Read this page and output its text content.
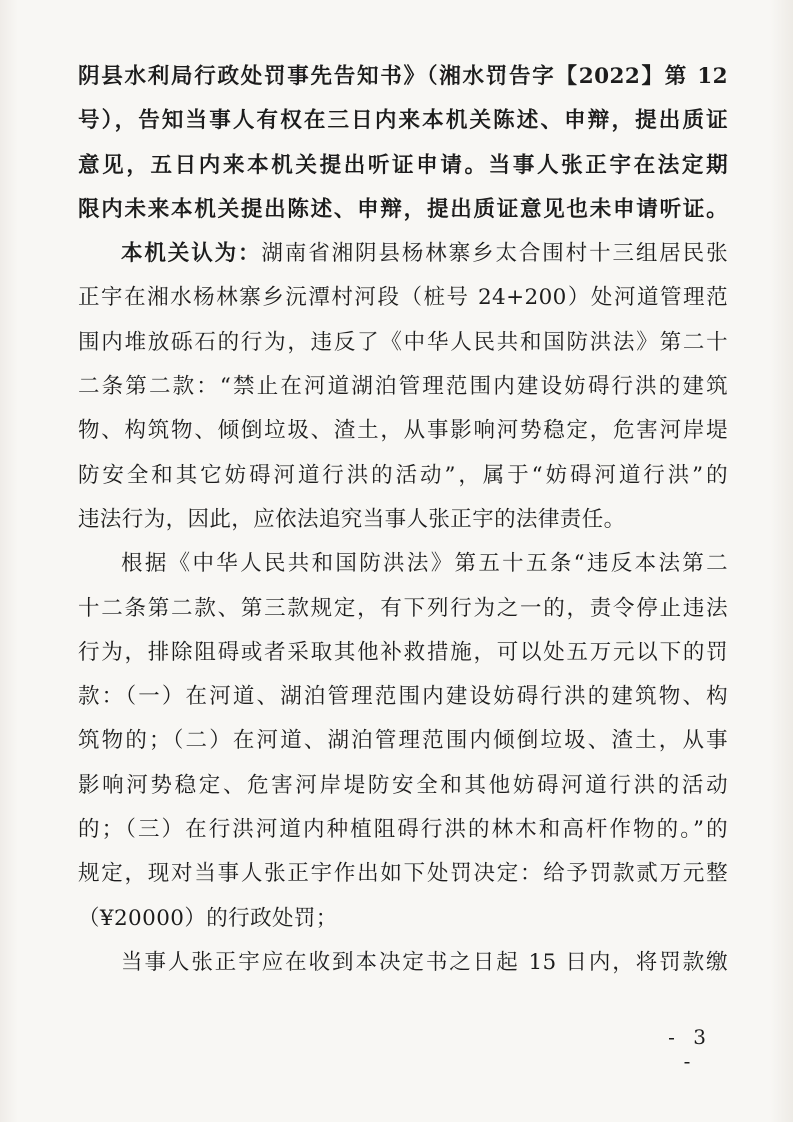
阴县水利局行政处罚事先告知书》（湘水罚告字【2022】第 12
号），告知当事人有权在三日内来本机关陈述、申辩，提出质证
意见，五日内来本机关提出听证申请。当事人张正宇在法定期
限内未来本机关提出陈述、申辩，提出质证意见也未申请听证。
本机关认为：湖南省湘阴县杨林寨乡太合围村十三组居民张
正宇在湘水杨林寨乡沅潭村河段（桩号 24+200）处河道管理范
围内堆放砾石的行为，违反了《中华人民共和国防洪法》第二十
二条第二款：“禁止在河道湖泊管理范围内建设妨碍行洪的建筑
物、构筑物、倾倒垃圾、渣土，从事影响河势稳定，危害河岸堤
防安全和其它妨碍河道行洪的活动”，属于“妨碍河道行洪”的
违法行为，因此，应依法追究当事人张正宇的法律责任。
根据《中华人民共和国防洪法》第五十五条“违反本法第二
十二条第二款、第三款规定，有下列行为之一的，责令停止违法
行为，排除阻碍或者采取其他补救措施，可以处五万元以下的罚
款：（一）在河道、湖泊管理范围内建设妨碍行洪的建筑物、构
筑物的；（二）在河道、湖泊管理范围内倾倒垃圾、渣土，从事
影响河势稳定、危害河岸堤防安全和其他妨碍河道行洪的活动
的；（三）在行洪河道内种植阻碍行洪的林木和高杆作物的。”的
规定，现对当事人张正宇作出如下处罚决定：给予罚款贰万元整
（¥20000）的行政处罚；
当事人张正宇应在收到本决定书之日起 15 日内，将罚款缴
- 3 -
